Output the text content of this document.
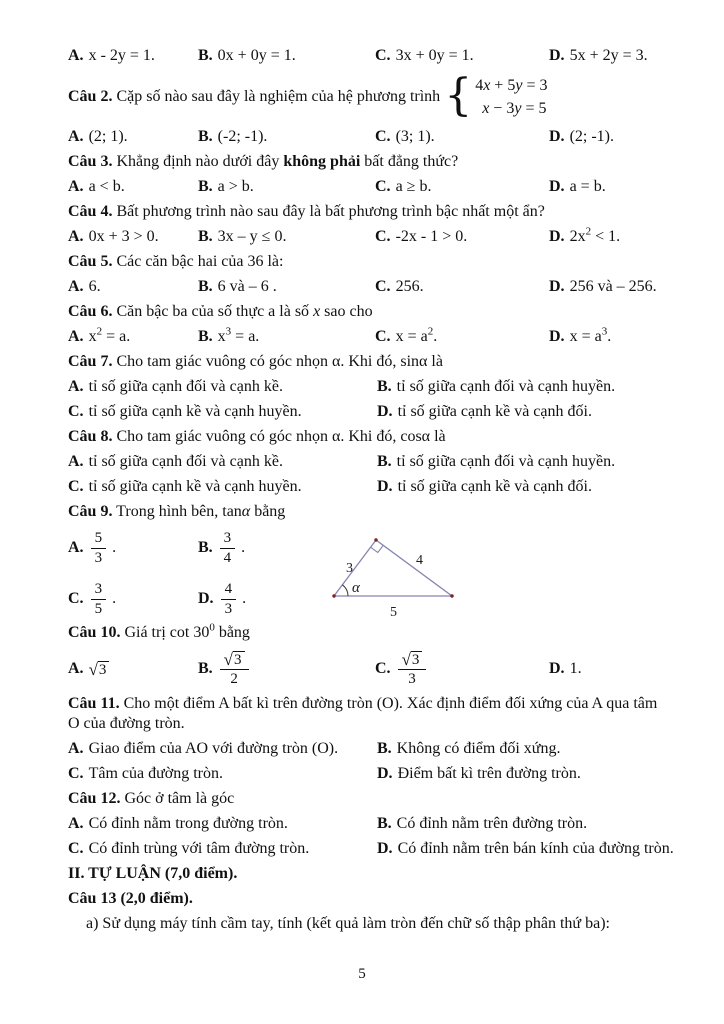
A. x - 2y = 1.	B. 0x + 0y = 1.	C. 3x + 0y = 1.	D. 5x + 2y = 3.
Câu 2. Cặp số nào sau đây là nghiệm của hệ phương trình { 4x + 5y = 3
x − 3y = 5
A. (2; 1).	B. (-2; -1).	C. (3; 1).	D. (2; -1).
Câu 3. Khẳng định nào dưới đây không phải bất đẳng thức?
A. a < b.	B. a > b.	C. a ≥ b.	D. a = b.
Câu 4. Bất phương trình nào sau đây là bất phương trình bậc nhất một ẩn?
A. 0x + 3 > 0.	B. 3x – y ≤ 0.	C. -2x - 1 > 0.	D. $2x^2 < 1$.
Câu 5. Các căn bậc hai của 36 là:
A. 6.	B. 6 và – 6 .	C. 256.	D. 256 và – 256.
Câu 6. Căn bậc ba của số thực a là số x sao cho
A. $x^2 = a$.	B. $x^3 = a$.	C. $x = a^2$.	D. $x = a^3$.
Câu 7. Cho tam giác vuông có góc nhọn α. Khi đó, sinα là
A. tỉ số giữa cạnh đối và cạnh kề.	B. tỉ số giữa cạnh đối và cạnh huyền.
C. tỉ số giữa cạnh kề và cạnh huyền.	D. tỉ số giữa cạnh kề và cạnh đối.
Câu 8. Cho tam giác vuông có góc nhọn α. Khi đó, cosα là
A. tỉ số giữa cạnh đối và cạnh kề.	B. tỉ số giữa cạnh đối và cạnh huyền.
C. tỉ số giữa cạnh kề và cạnh huyền.	D. tỉ số giữa cạnh kề và cạnh đối.
Câu 9. Trong hình bên, tanα bằng
A. $\frac{5}{3}$ .	B. $\frac{3}{4}$ .
C. $\frac{3}{5}$ .	D. $\frac{4}{3}$ .
3
4
5
α
Câu 10. Giá trị $\cot 30^0$ bằng
A. √ 3	B. $\frac{√ 3}{2}$	C. $\frac{√ 3}{3}$	D. 1.
Câu 11. Cho một điểm A bất kì trên đường tròn (O). Xác định điểm đối xứng của A qua tâm O của đường tròn.
A. Giao điểm của AO với đường tròn (O).	B. Không có điểm đối xứng.
C. Tâm của đường tròn.	D. Điểm bất kì trên đường tròn.
Câu 12. Góc ở tâm là góc
A. Có đỉnh nằm trong đường tròn.	B. Có đỉnh nằm trên đường tròn.
C. Có đỉnh trùng với tâm đường tròn.	D. Có đỉnh nằm trên bán kính của đường tròn.
II. TỰ LUẬN (7,0 điểm).
Câu 13 (2,0 điểm).
a) Sử dụng máy tính cầm tay, tính (kết quả làm tròn đến chữ số thập phân thứ ba):
5
